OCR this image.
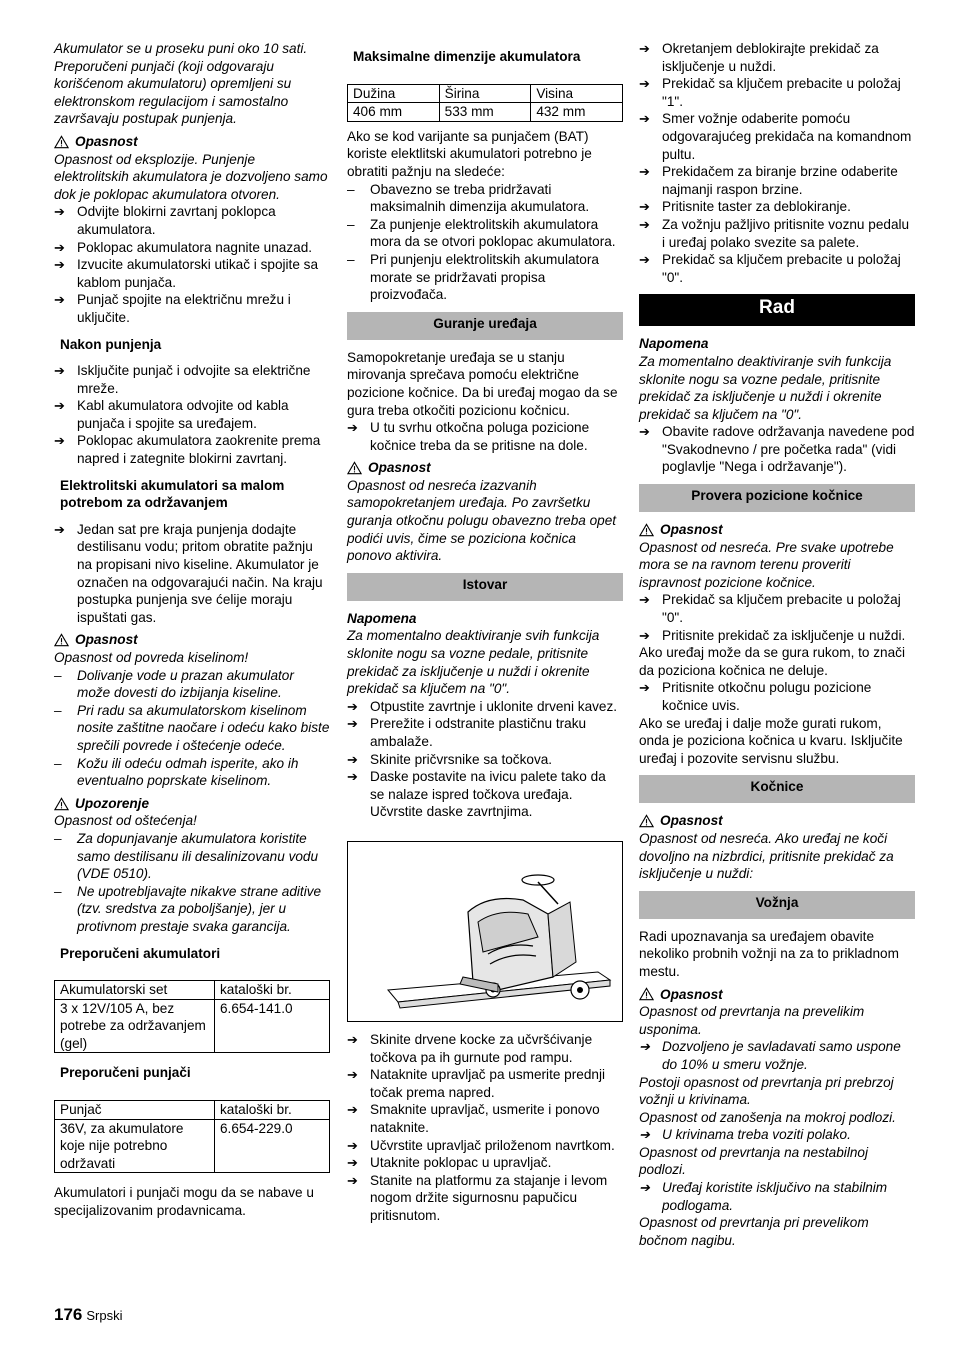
Akumulator se u proseku puni oko 10 sati. Preporučeni punjači (koji odgovaraju korišćenom akumulatoru) opremljeni su elektronskom regulacijom i samostalno završavaju postupak punjenja.

Opasnost

Opasnost od eksplozije. Punjenje elektrolitskih akumulatora je dozvoljeno samo dok je poklopac akumulatora otvoren.

➔ Odvijte blokirni zavrtanj poklopca akumulatora.
➔ Poklopac akumulatora nagnite unazad.
➔ Izvucite akumulatorski utikač i spojite sa kablom punjača.
➔ Punjač spojite na električnu mrežu i uključite.

Nakon punjenja

➔ Isključite punjač i odvojite sa električne mreže.
➔ Kabl akumulatora odvojite od kabla punjača i spojite sa uređajem.
➔ Poklopac akumulatora zaokrenite prema napred i zategnite blokirni zavrtanj.

Elektrolitski akumulatori sa malom potrebom za održavanjem

➔ Jedan sat pre kraja punjenja dodajte destilisanu vodu; pritom obratite pažnju na propisani nivo kiseline. Akumulator je označen na odgovarajući način. Na kraju postupka punjenja sve ćelije moraju ispuštati gas.
Opasnost

Opasnost od povreda kiselinom!

–	Dolivanje vode u prazan akumulator može dovesti do izbijanja kiseline.
–	Pri radu sa akumulatorskom kiselinom nosite zaštitne naočare i odeću kako biste sprečili povrede i oštećenje odeće.
–	Kožu ili odeću odmah isperite, ako ih eventualno poprskate kiselinom.
Upozorenje

Opasnost od oštećenja!

–	Za dopunjavanje akumulatora koristite samo destilisanu ili desalinizovanu vodu (VDE 0510).
–	Ne upotrebljavajte nikakve strane aditive (tzv. sredstva za poboljšanje), jer u protivnom prestaje svaka garancija.

Preporučeni akumulatori

Akumulatorski set	kataloški br.
3 x 12V/105 A, bez potrebe za održavanjem (gel)	6.654-141.0

Preporučeni punjači

Punjač	kataloški br.
36V, za akumulatore koje nije potrebno održavati	6.654-229.0

Akumulatori i punjači mogu da se nabave u specijalizovanim prodavnicama.

Maksimalne dimenzije akumulatora

Dužina	Širina	Visina
406 mm	533 mm	432 mm

Ako se kod varijante sa punjačem (BAT) koriste elektlitski akumulatori potrebno je obratiti pažnju na sledeće:

–	Obavezno se treba pridržavati maksimalnih dimenzija akumulatora.
–	Za punjenje elektrolitskih akumulatora mora da se otvori poklopac akumulatora.
–	Pri punjenju elektrolitskih akumulatora morate se pridržavati propisa proizvođača.
Guranje uređaja

Samopokretanje uređaja se u stanju mirovanja sprečava pomoću električne pozicione kočnice. Da bi uređaj mogao da se gura treba otkočiti pozicionu kočnicu.

➔ U tu svrhu otkočna poluga pozicione kočnice treba da se pritisne na dole.
Opasnost

Opasnost od nesreća izazvanih samopokretanjem uređaja. Po završetku guranja otkočnu polugu obavezno treba opet podići uvis, čime se poziciona kočnica ponovo aktivira.

Istovar

Napomena

Za momentalno deaktiviranje svih funkcija sklonite nogu sa vozne pedale, pritisnite prekidač za isključenje u nuždi i okrenite prekidač sa ključem na "0".

➔ Otpustite zavrtnje i uklonite drveni kavez.
➔ Prerežite i odstranite plastičnu traku ambalaže.
➔ Skinite pričvrsnike sa točkova.
➔ Daske postavite na ivicu palete tako da se nalaze ispred točkova uređaja. Učvrstite daske zavrtnjima.
➔ Skinite drvene kocke za učvršćivanje točkova pa ih gurnute pod rampu.
➔ Nataknite upravljač pa usmerite prednji točak prema napred.
➔ Smaknite upravljač, usmerite i ponovo nataknite.
➔ Učvrstite upravljač priloženom navrtkom.
➔ Utaknite poklopac u upravljač.
➔ Stanite na platformu za stajanje i levom nogom držite sigurnosnu papučicu pritisnutom.
➔ Okretanjem deblokirajte prekidač za isključenje u nuždi.
➔ Prekidač sa ključem prebacite u položaj "1".
➔ Smer vožnje odaberite pomoću odgovarajućeg prekidača na komandnom pultu.
➔ Prekidačem za biranje brzine odaberite najmanji raspon brzine.
➔ Pritisnite taster za deblokiranje.
➔ Za vožnju pažljivo pritisnite voznu pedalu i uređaj polako svezite sa palete.
➔ Prekidač sa ključem prebacite u položaj "0".
Rad

Napomena

Za momentalno deaktiviranje svih funkcija sklonite nogu sa vozne pedale, pritisnite prekidač za isključenje u nuždi i okrenite prekidač sa ključem na "0".

➔ Obavite radove održavanja navedene pod "Svakodnevno / pre početka rada" (vidi poglavlje "Nega i održavanje").
Provera pozicione kočnice
Opasnost

Opasnost od nesreća. Pre svake upotrebe mora se na ravnom terenu proveriti ispravnost pozicione kočnice.

➔ Prekidač sa ključem prebacite u položaj "0".
➔ Pritisnite prekidač za isključenje u nuždi.

Ako uređaj može da se gura rukom, to znači da poziciona kočnica ne deluje.

➔ Pritisnite otkočnu polugu pozicione kočnice uvis.

Ako se uređaj i dalje može gurati rukom, onda je poziciona kočnica u kvaru. Isključite uređaj i pozovite servisnu službu.

Kočnice
Opasnost

Opasnost od nesreća. Ako uređaj ne koči dovoljno na nizbrdici, pritisnite prekidač za isključenje u nuždi:

Vožnja

Radi upoznavanja sa uređajem obavite nekoliko probnih vožnji na za to prikladnom mestu.

Opasnost

Opasnost od prevrtanja na prevelikim usponima.

➔ Dozvoljeno je savladavati samo uspone do 10% u smeru vožnje.

Postoji opasnost od prevrtanja pri prebrzoj vožnji u krivinama.

Opasnost od zanošenja na mokroj podlozi.

➔ U krivinama treba voziti polako.

Opasnost od prevrtanja na nestabilnoj podlozi.

➔ Uređaj koristite isključivo na stabilnim podlogama.

Opasnost od prevrtanja pri prevelikom bočnom nagibu.

176 Srpski
